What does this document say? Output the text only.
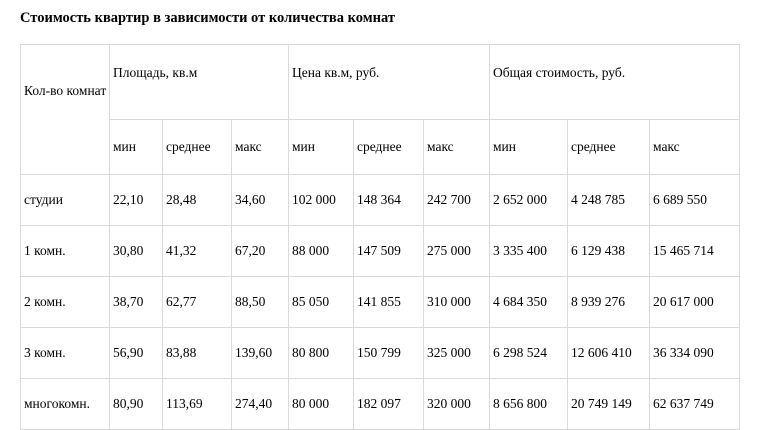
Стоимость квартир в зависимости от количества комнат
Кол-во комнат	Площадь, кв.м			Цена кв.м, руб.			Общая стоимость, руб.		
	мин	среднее	макс	мин	среднее	макс	мин	среднее	макс
студии	22,10	28,48	34,60	102 000	148 364	242 700	2 652 000	4 248 785	6 689 550
1 комн.	30,80	41,32	67,20	88 000	147 509	275 000	3 335 400	6 129 438	15 465 714
2 комн.	38,70	62,77	88,50	85 050	141 855	310 000	4 684 350	8 939 276	20 617 000
3 комн.	56,90	83,88	139,60	80 800	150 799	325 000	6 298 524	12 606 410	36 334 090
многокомн.	80,90	113,69	274,40	80 000	182 097	320 000	8 656 800	20 749 149	62 637 749
